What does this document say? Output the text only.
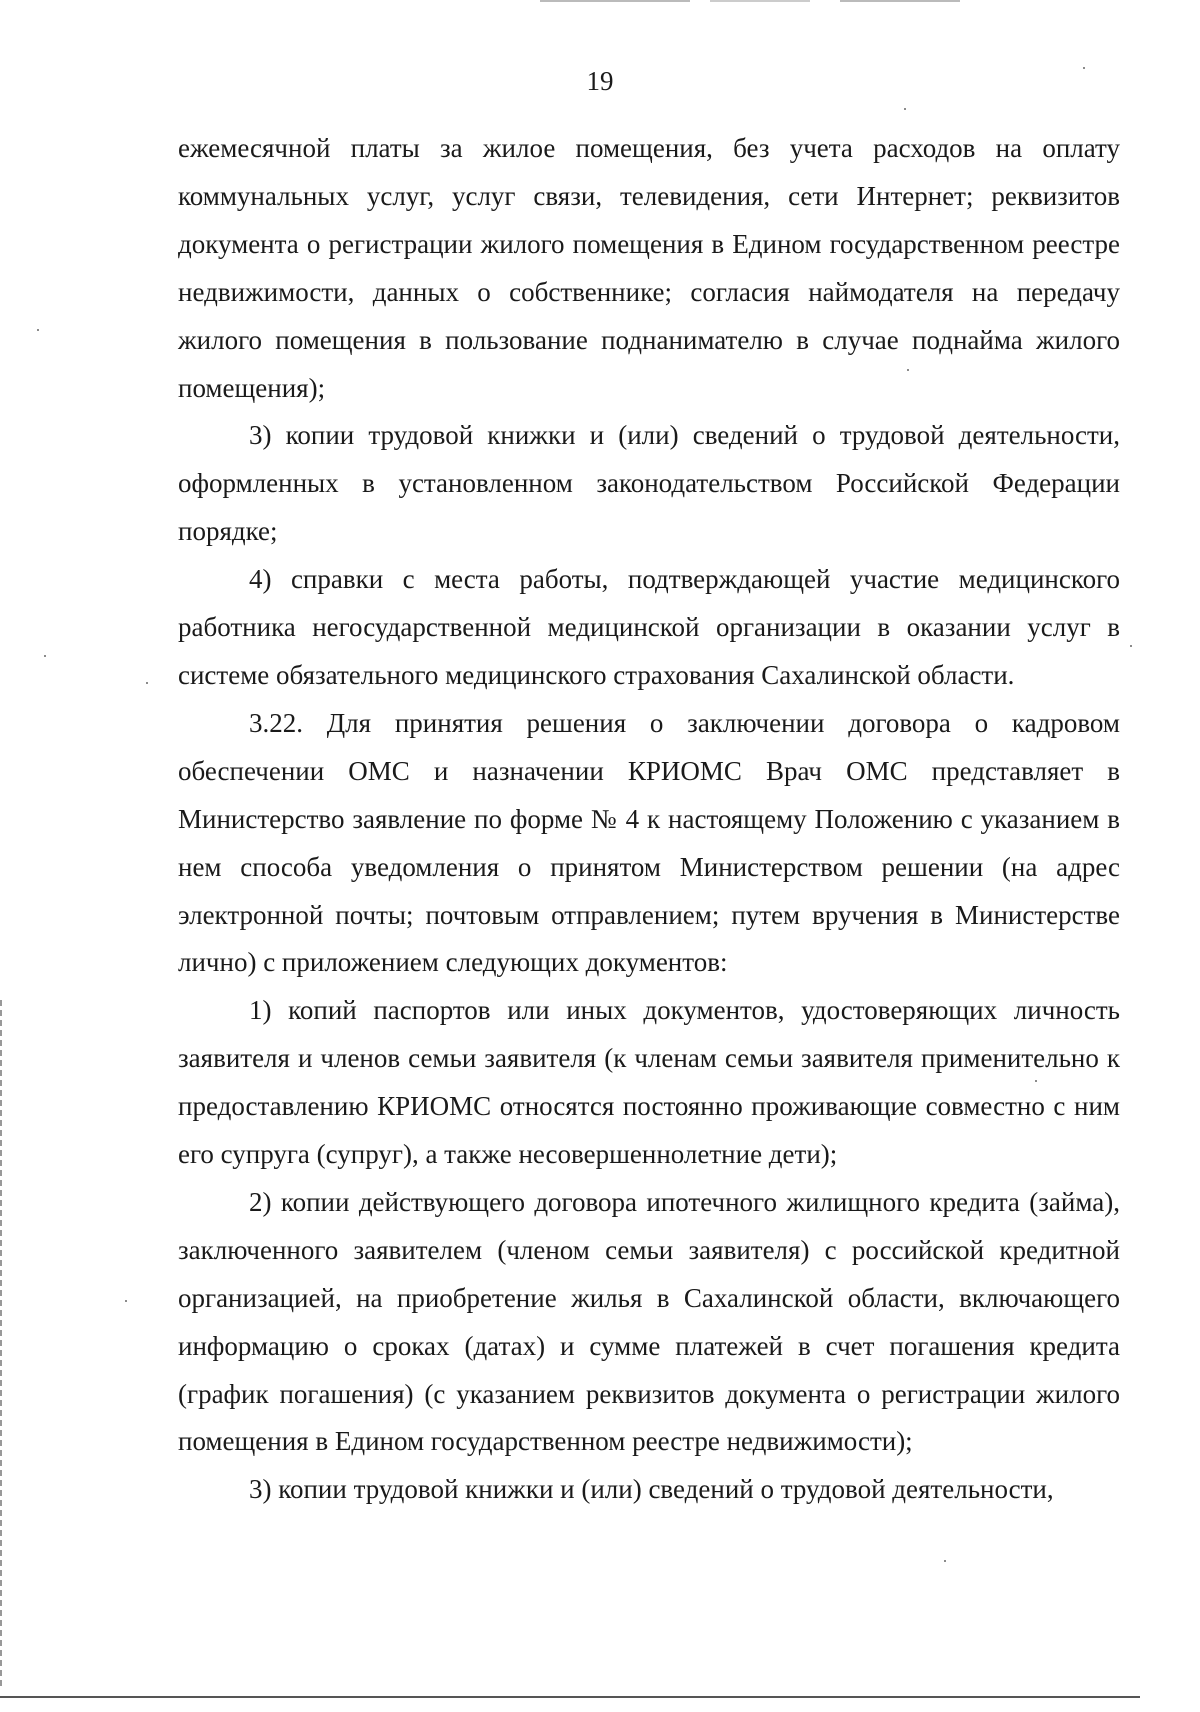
19

ежемесячной платы за жилое помещения, без учета расходов на оплату коммунальных услуг, услуг связи, телевидения, сети Интернет; реквизитов документа о регистрации жилого помещения в Едином государственном реестре недвижимости, данных о собственнике; согласия наймодателя на передачу жилого помещения в пользование поднанимателю в случае поднайма жилого помещения);

3) копии трудовой книжки и (или) сведений о трудовой деятельности, оформленных в установленном законодательством Российской Федерации порядке;

4) справки с места работы, подтверждающей участие медицинского работника негосударственной медицинской организации в оказании услуг в системе обязательного медицинского страхования Сахалинской области.

3.22. Для принятия решения о заключении договора о кадровом обеспечении ОМС и назначении КРИОМС Врач ОМС представляет в Министерство заявление по форме № 4 к настоящему Положению с указанием в нем способа уведомления о принятом Министерством решении (на адрес электронной почты; почтовым отправлением; путем вручения в Министерстве лично) с приложением следующих документов:

1) копий паспортов или иных документов, удостоверяющих личность заявителя и членов семьи заявителя (к членам семьи заявителя применительно к предоставлению КРИОМС относятся постоянно проживающие совместно с ним его супруга (супруг), а также несовершеннолетние дети);

2) копии действующего договора ипотечного жилищного кредита (займа), заключенного заявителем (членом семьи заявителя) с российской кредитной организацией, на приобретение жилья в Сахалинской области, включающего информацию о сроках (датах) и сумме платежей в счет погашения кредита (график погашения) (с указанием реквизитов документа о регистрации жилого помещения в Едином государственном реестре недвижимости);

3) копии трудовой книжки и (или) сведений о трудовой деятельности,
